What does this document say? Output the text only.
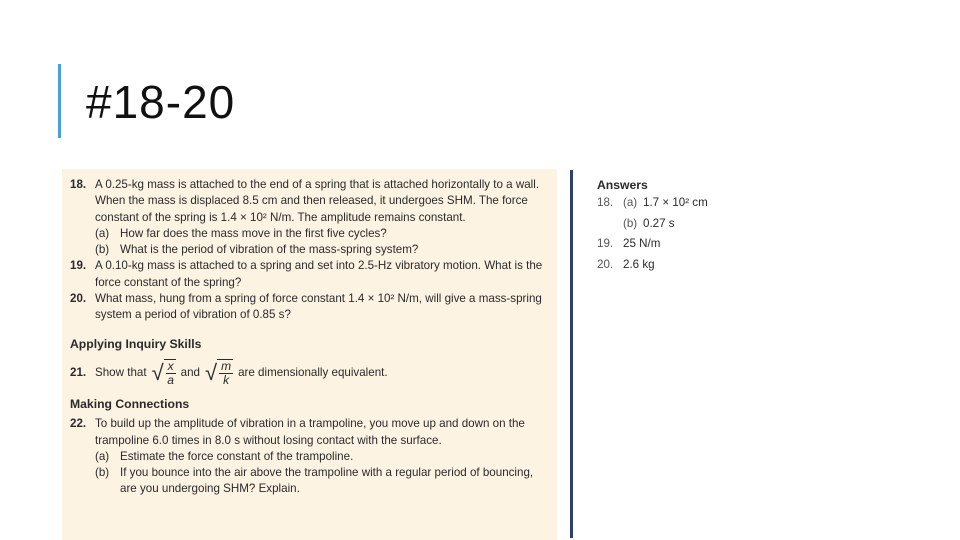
#18-20
18. A 0.25-kg mass is attached to the end of a spring that is attached horizontally to a wall. When the mass is displaced 8.5 cm and then released, it undergoes SHM. The force constant of the spring is 1.4 × 10² N/m. The amplitude remains constant.
(a) How far does the mass move in the first five cycles?
(b) What is the period of vibration of the mass-spring system?
19. A 0.10-kg mass is attached to a spring and set into 2.5-Hz vibratory motion. What is the force constant of the spring?
20. What mass, hung from a spring of force constant 1.4 × 10² N/m, will give a mass-spring system a period of vibration of 0.85 s?
Applying Inquiry Skills
21. Show that √ $\frac{x}{a}$ and √ $\frac{m}{k}$ are dimensionally equivalent.
Making Connections
22. To build up the amplitude of vibration in a trampoline, you move up and down on the trampoline 6.0 times in 8.0 s without losing contact with the surface.
(a) Estimate the force constant of the trampoline.
(b) If you bounce into the air above the trampoline with a regular period of bouncing, are you undergoing SHM? Explain.
Answers
18. (a) 1.7 × 10² cm
(b) 0.27 s
19. 25 N/m
20. 2.6 kg
